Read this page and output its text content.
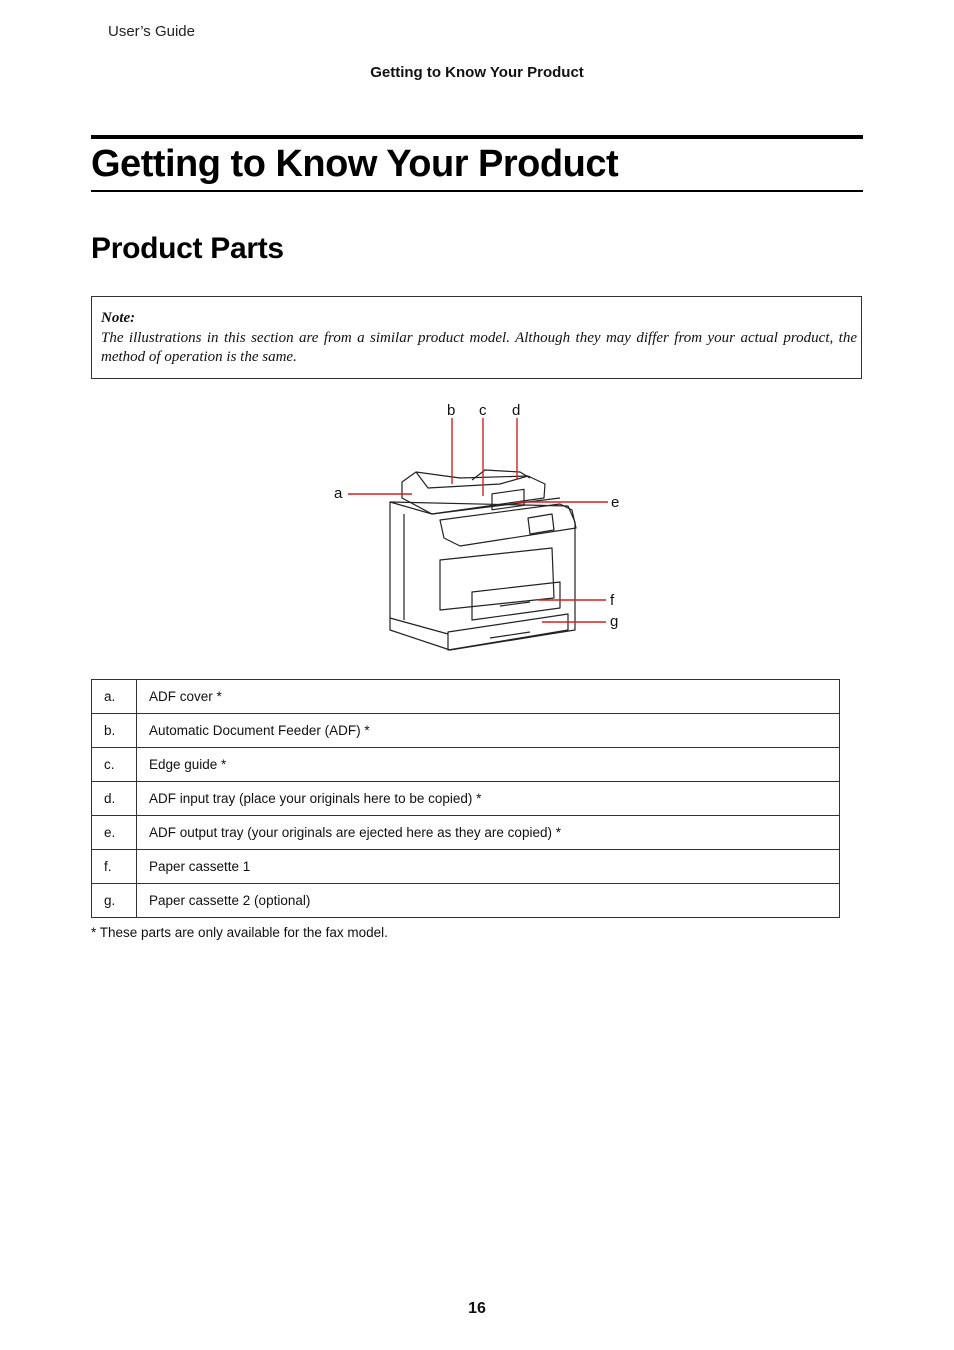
User’s Guide
Getting to Know Your Product
Getting to Know Your Product
Product Parts
Note:
The illustrations in this section are from a similar product model. Although they may differ from your actual product, the method of operation is the same.
a
b c d
e
f
g
a.	ADF cover *
b.	Automatic Document Feeder (ADF) *
c.	Edge guide *
d.	ADF input tray (place your originals here to be copied) *
e.	ADF output tray (your originals are ejected here as they are copied) *
f.	Paper cassette 1
g.	Paper cassette 2 (optional)
* These parts are only available for the fax model.
16
